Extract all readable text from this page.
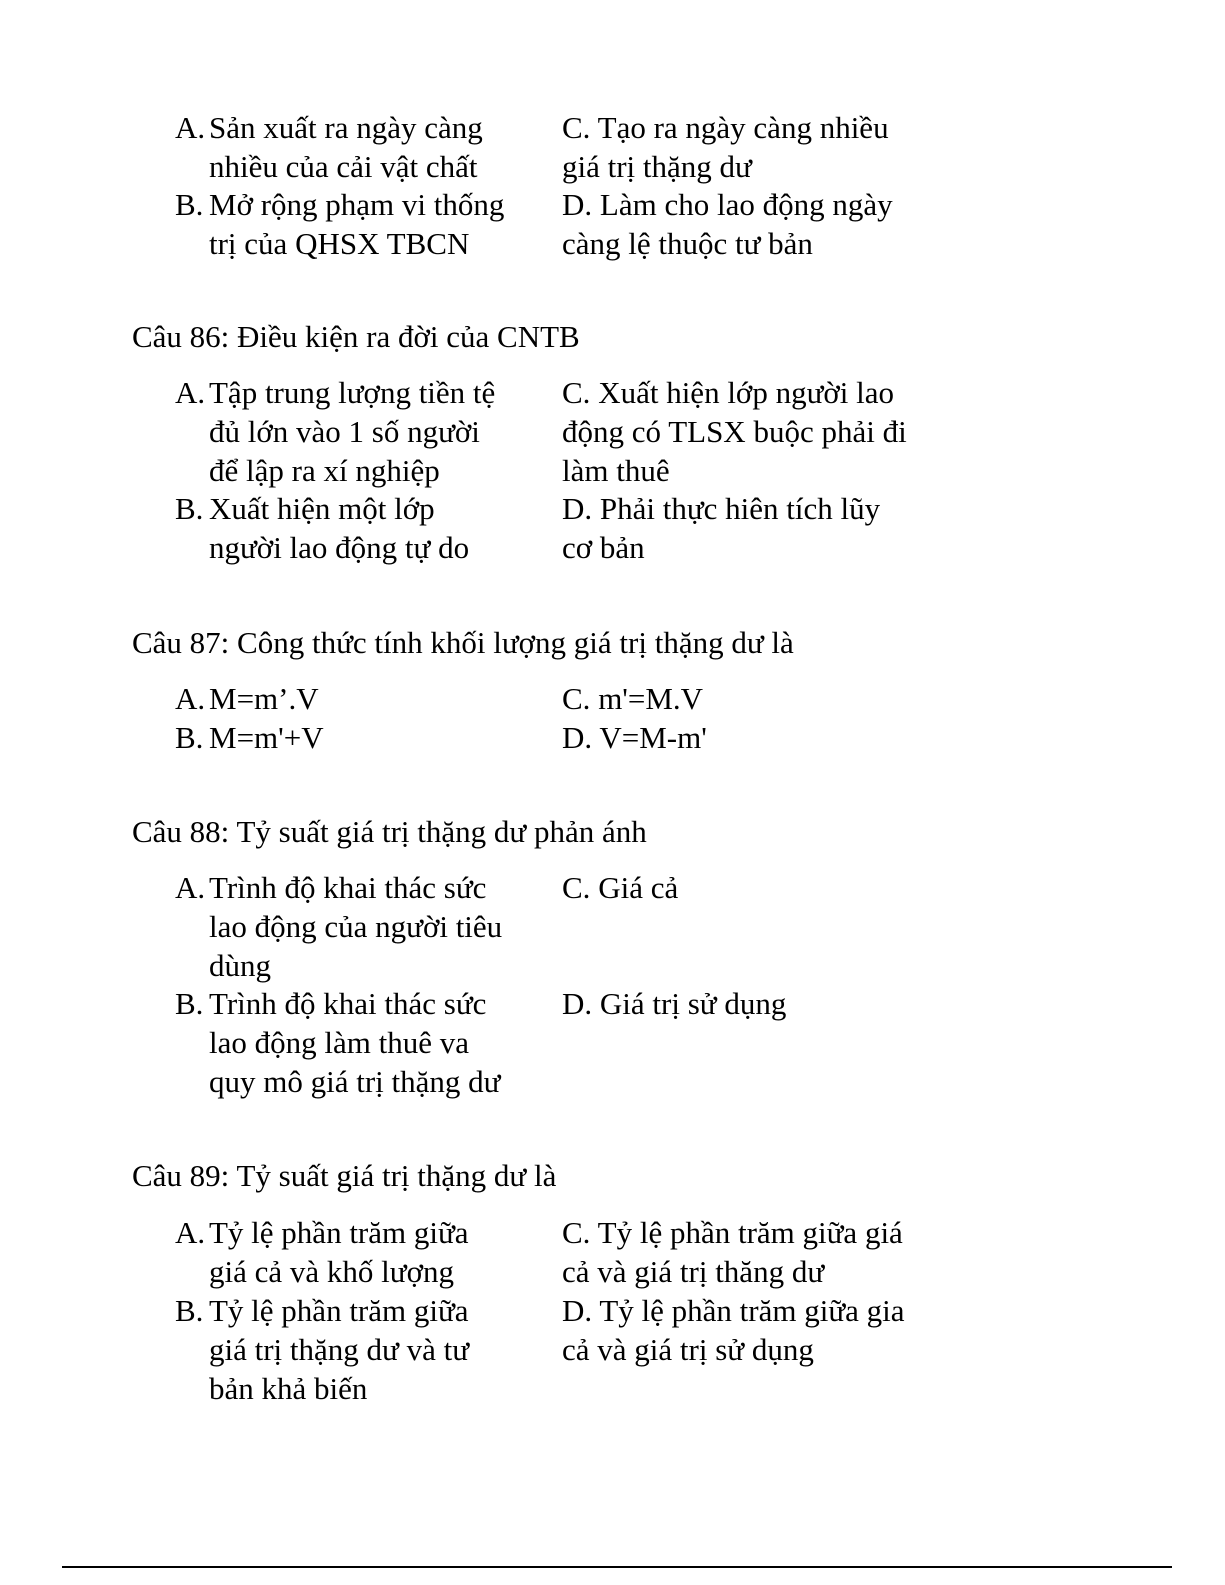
A. Sản xuất ra ngày càng
nhiều của cải vật chất
C. Tạo ra ngày càng nhiều
giá trị thặng dư
B. Mở rộng phạm vi thống
trị của QHSX TBCN
D. Làm cho lao động ngày
càng lệ thuộc tư bản
Câu 86: Điều kiện ra đời của CNTB
A. Tập trung lượng tiền tệ
đủ lớn vào 1 số người
để lập ra xí nghiệp
C. Xuất hiện lớp người lao
động có TLSX buộc phải đi
làm thuê
B. Xuất hiện một lớp
người lao động tự do
D. Phải thực hiên tích lũy
cơ bản
Câu 87: Công thức tính khối lượng giá trị thặng dư là
A. M=m’.V	C. m'=M.V
B. M=m'+V	D. V=M-m'
Câu 88: Tỷ suất giá trị thặng dư phản ánh
A. Trình độ khai thác sức
lao động của người tiêu
dùng
C. Giá cả
B. Trình độ khai thác sức
lao động làm thuê va
quy mô giá trị thặng dư
D. Giá trị sử dụng
Câu 89: Tỷ suất giá trị thặng dư là
A. Tỷ lệ phần trăm giữa
giá cả và khố lượng
C. Tỷ lệ phần trăm giữa giá
cả và giá trị thăng dư
B. Tỷ lệ phần trăm giữa
giá trị thặng dư và tư
bản khả biến
D. Tỷ lệ phần trăm giữa gia
cả và giá trị sử dụng
